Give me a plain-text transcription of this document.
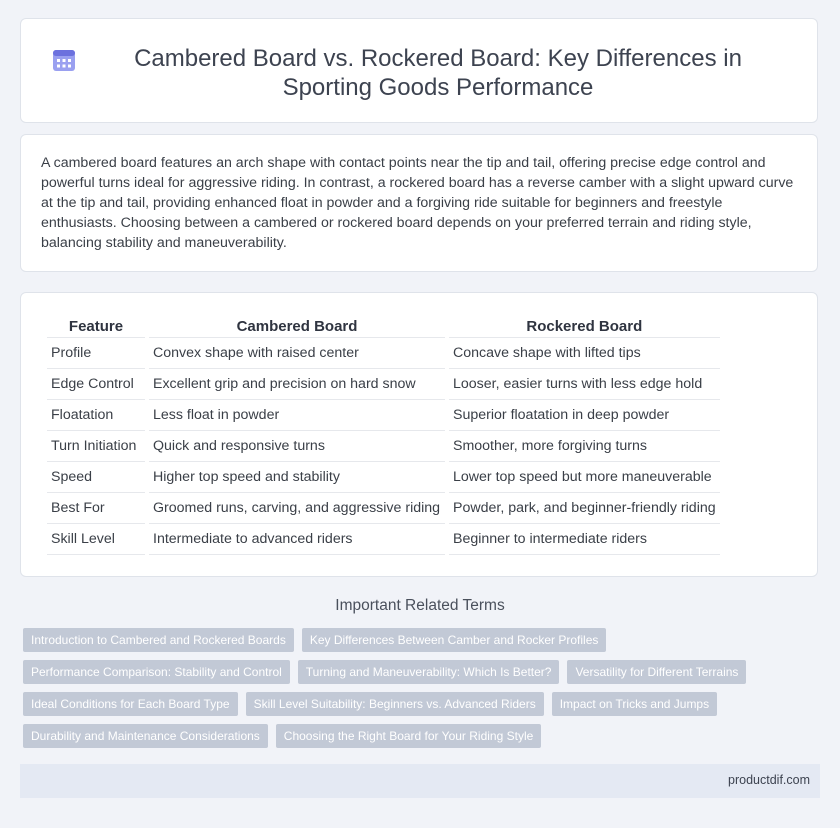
Cambered Board vs. Rockered Board: Key Differences in Sporting Goods Performance

A cambered board features an arch shape with contact points near the tip and tail, offering precise edge control and powerful turns ideal for aggressive riding. In contrast, a rockered board has a reverse camber with a slight upward curve at the tip and tail, providing enhanced float in powder and a forgiving ride suitable for beginners and freestyle enthusiasts. Choosing between a cambered or rockered board depends on your preferred terrain and riding style, balancing stability and maneuverability.

Feature	Cambered Board	Rockered Board
Profile	Convex shape with raised center	Concave shape with lifted tips
Edge Control	Excellent grip and precision on hard snow	Looser, easier turns with less edge hold
Floatation	Less float in powder	Superior floatation in deep powder
Turn Initiation	Quick and responsive turns	Smoother, more forgiving turns
Speed	Higher top speed and stability	Lower top speed but more maneuverable
Best For	Groomed runs, carving, and aggressive riding	Powder, park, and beginner-friendly riding
Skill Level	Intermediate to advanced riders	Beginner to intermediate riders
Important Related Terms
Introduction to Cambered and Rockered Boards	Key Differences Between Camber and Rocker Profiles
Performance Comparison: Stability and Control	Turning and Maneuverability: Which Is Better?	Versatility for Different Terrains
Ideal Conditions for Each Board Type	Skill Level Suitability: Beginners vs. Advanced Riders	Impact on Tricks and Jumps
Durability and Maintenance Considerations	Choosing the Right Board for Your Riding Style
productdif.com
